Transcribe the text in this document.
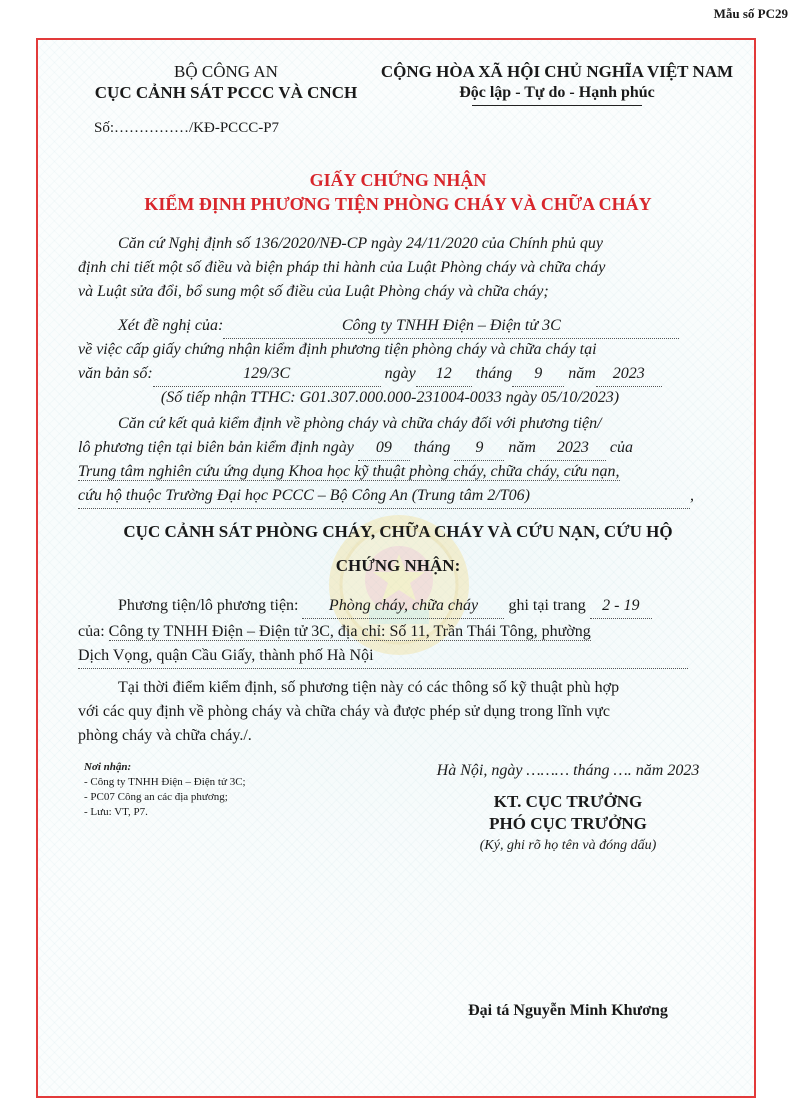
Mẫu số PC29
BỘ CÔNG AN
CỤC CẢNH SÁT PCCC VÀ CNCH
Số:……………/KĐ-PCCC-P7
CỘNG HÒA XÃ HỘI CHỦ NGHĨA VIỆT NAM
Độc lập - Tự do - Hạnh phúc
GIẤY CHỨNG NHẬN
KIỂM ĐỊNH PHƯƠNG TIỆN PHÒNG CHÁY VÀ CHỮA CHÁY
Căn cứ Nghị định số 136/2020/NĐ-CP ngày 24/11/2020 của Chính phủ quy
định chi tiết một số điều và biện pháp thi hành của Luật Phòng cháy và chữa cháy
và Luật sửa đổi, bổ sung một số điều của Luật Phòng cháy và chữa cháy;
Xét đề nghị của:	Công ty TNHH Điện – Điện tử 3C
về việc cấp giấy chứng nhận kiểm định phương tiện phòng cháy và chữa cháy tại
văn bản số:	129/3C	ngày 12 tháng 9 năm 2023
(Số tiếp nhận TTHC: G01.307.000.000-231004-0033 ngày 05/10/2023)
Căn cứ kết quả kiểm định về phòng cháy và chữa cháy đối với phương tiện/
lô phương tiện tại biên bản kiểm định ngày 09 tháng 9 năm 2023 của
Trung tâm nghiên cứu ứng dụng Khoa học kỹ thuật phòng cháy, chữa cháy, cứu nạn,
cứu hộ thuộc Trường Đại học PCCC – Bộ Công An (Trung tâm 2/T06)	,
CỤC CẢNH SÁT PHÒNG CHÁY, CHỮA CHÁY VÀ CỨU NẠN, CỨU HỘ
CHỨNG NHẬN:
Phương tiện/lô phương tiện: Phòng cháy, chữa cháy ghi tại trang 2 - 19
của: Công ty TNHH Điện – Điện tử 3C, địa chỉ: Số 11, Trần Thái Tông, phường
Dịch Vọng, quận Cầu Giấy, thành phố Hà Nội
Tại thời điểm kiểm định, số phương tiện này có các thông số kỹ thuật phù hợp
với các quy định về phòng cháy và chữa cháy và được phép sử dụng trong lĩnh vực
phòng cháy và chữa cháy./.
Nơi nhận:
- Công ty TNHH Điện – Điện tử 3C;
- PC07 Công an các địa phương;
- Lưu: VT, P7.
Hà Nội, ngày ……… tháng …. năm 2023
KT. CỤC TRƯỞNG
PHÓ CỤC TRƯỞNG
(Ký, ghi rõ họ tên và đóng dấu)
Đại tá Nguyễn Minh Khương
